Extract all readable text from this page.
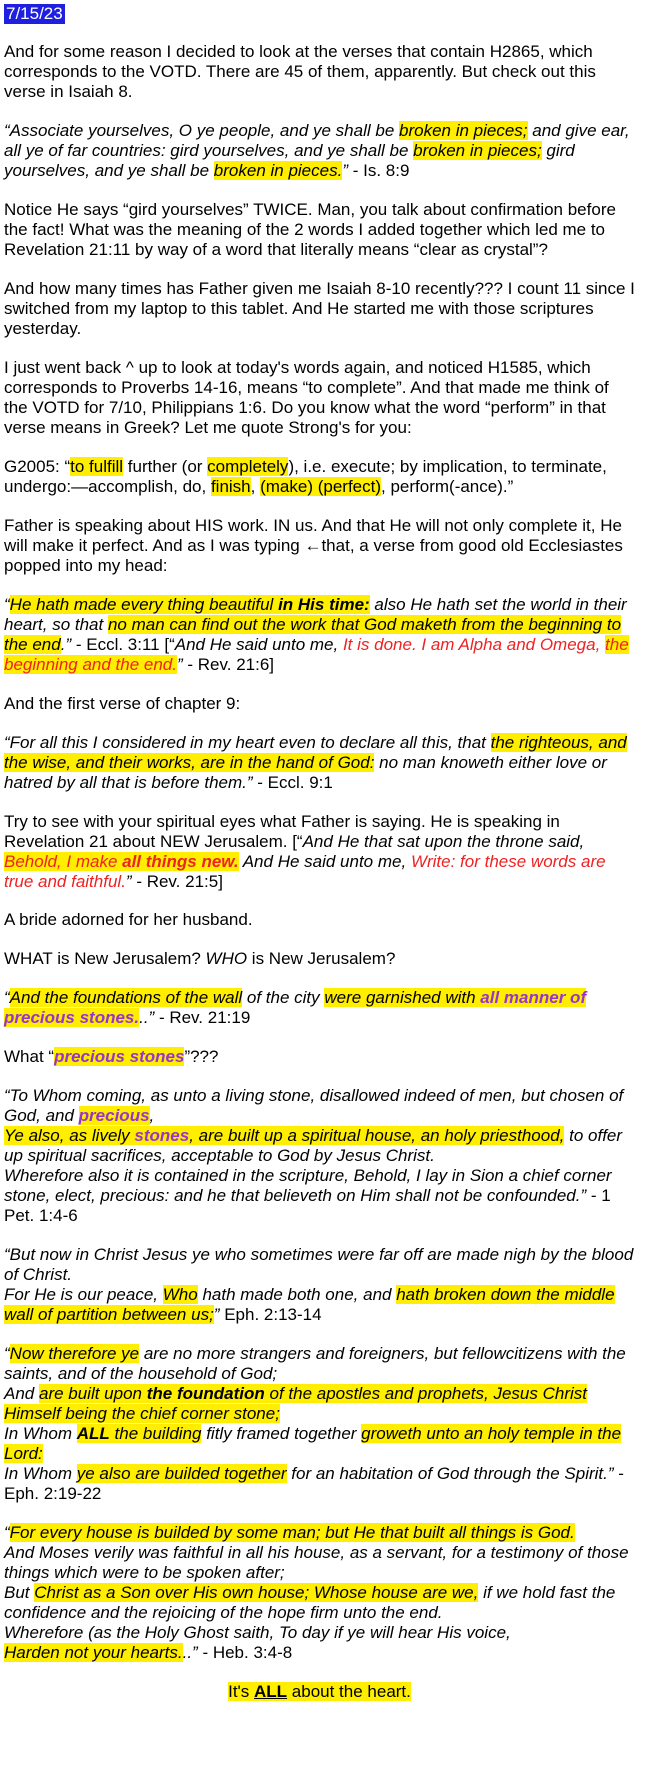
7/15/23

And for some reason I decided to look at the verses that contain H2865, which corresponds to the VOTD. There are 45 of them, apparently. But check out this verse in Isaiah 8.

“Associate yourselves, O ye people, and ye shall be broken in pieces; and give ear, all ye of far countries: gird yourselves, and ye shall be broken in pieces; gird yourselves, and ye shall be broken in pieces.” - Is. 8:9

Notice He says “gird yourselves” TWICE. Man, you talk about confirmation before the fact! What was the meaning of the 2 words I added together which led me to Revelation 21:11 by way of a word that literally means “clear as crystal”?

And how many times has Father given me Isaiah 8-10 recently??? I count 11 since I switched from my laptop to this tablet. And He started me with those scriptures yesterday.

I just went back ^ up to look at today's words again, and noticed H1585, which corresponds to Proverbs 14-16, means “to complete”. And that made me think of the VOTD for 7/10, Philippians 1:6. Do you know what the word “perform” in that verse means in Greek? Let me quote Strong's for you:

G2005: “to fulfill further (or completely), i.e. execute; by implication, to terminate, undergo:—accomplish, do, finish, (make) (perfect), perform(-ance).”

Father is speaking about HIS work. IN us. And that He will not only complete it, He will make it perfect. And as I was typing ←that, a verse from good old Ecclesiastes popped into my head:

“He hath made every thing beautiful in His time: also He hath set the world in their heart, so that no man can find out the work that God maketh from the beginning to the end.” - Eccl. 3:11 [“And He said unto me, It is done. I am Alpha and Omega, the beginning and the end.” - Rev. 21:6]

And the first verse of chapter 9:

“For all this I considered in my heart even to declare all this, that the righteous, and the wise, and their works, are in the hand of God: no man knoweth either love or hatred by all that is before them.” - Eccl. 9:1

Try to see with your spiritual eyes what Father is saying. He is speaking in Revelation 21 about NEW Jerusalem. [“And He that sat upon the throne said, Behold, I make all things new. And He said unto me, Write: for these words are true and faithful.” - Rev. 21:5]

A bride adorned for her husband.

WHAT is New Jerusalem? WHO is New Jerusalem?

“And the foundations of the wall of the city were garnished with all manner of precious stones...” - Rev. 21:19

What “precious stones”???

“To Whom coming, as unto a living stone, disallowed indeed of men, but chosen of God, and precious,
Ye also, as lively stones, are built up a spiritual house, an holy priesthood, to offer up spiritual sacrifices, acceptable to God by Jesus Christ.
Wherefore also it is contained in the scripture, Behold, I lay in Sion a chief corner stone, elect, precious: and he that believeth on Him shall not be confounded.” - 1 Pet. 1:4-6

“But now in Christ Jesus ye who sometimes were far off are made nigh by the blood of Christ.
For He is our peace, Who hath made both one, and hath broken down the middle wall of partition between us;” Eph. 2:13-14

“Now therefore ye are no more strangers and foreigners, but fellowcitizens with the saints, and of the household of God;
And are built upon the foundation of the apostles and prophets, Jesus Christ Himself being the chief corner stone;
In Whom ALL the building fitly framed together groweth unto an holy temple in the Lord:
In Whom ye also are builded together for an habitation of God through the Spirit.” - Eph. 2:19-22

“For every house is builded by some man; but He that built all things is God.
And Moses verily was faithful in all his house, as a servant, for a testimony of those things which were to be spoken after;
But Christ as a Son over His own house; Whose house are we, if we hold fast the confidence and the rejoicing of the hope firm unto the end.
Wherefore (as the Holy Ghost saith, To day if ye will hear His voice,
Harden not your hearts...” - Heb. 3:4-8

It's ALL about the heart.
